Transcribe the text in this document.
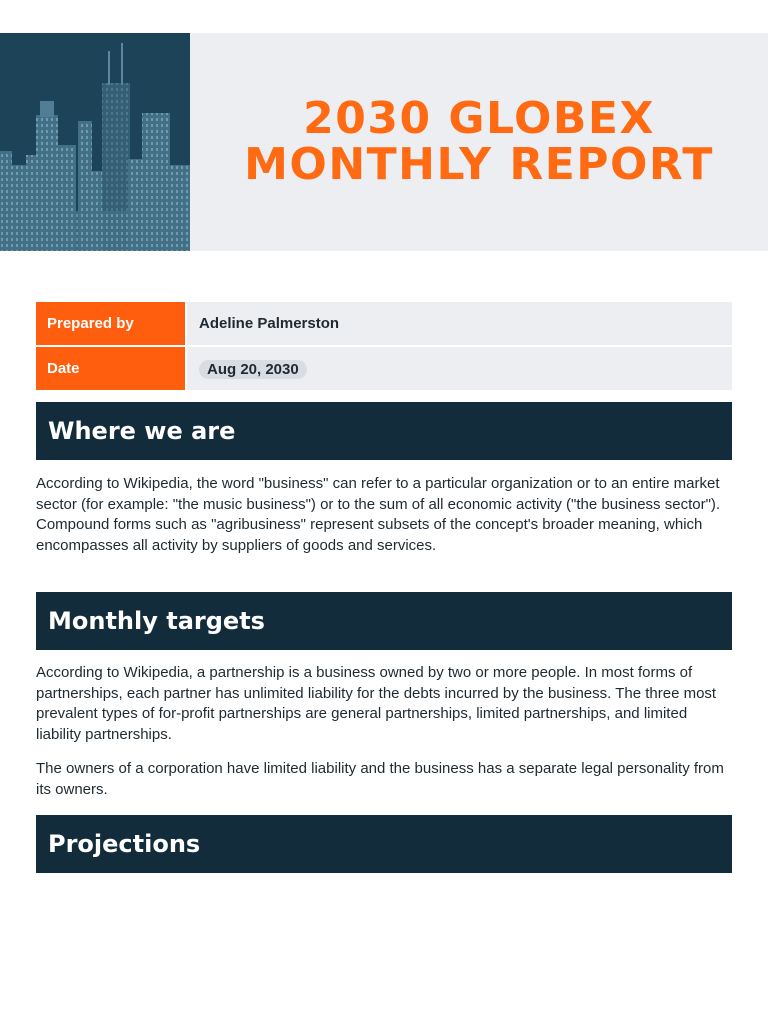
2030 GLOBEX
MONTHLY REPORT
Prepared by	Adeline Palmerston
Date	Aug 20, 2030
Where we are

According to Wikipedia, the word "business" can refer to a particular organization or to an entire market sector (for example: "the music business") or to the sum of all economic activity ("the business sector"). Compound forms such as "agribusiness" represent subsets of the concept's broader meaning, which encompasses all activity by suppliers of goods and services.

Monthly targets

According to Wikipedia, a partnership is a business owned by two or more people. In most forms of partnerships, each partner has unlimited liability for the debts incurred by the business. The three most prevalent types of for-profit partnerships are general partnerships, limited partnerships, and limited liability partnerships.

The owners of a corporation have limited liability and the business has a separate legal personality from its owners.

Projections
